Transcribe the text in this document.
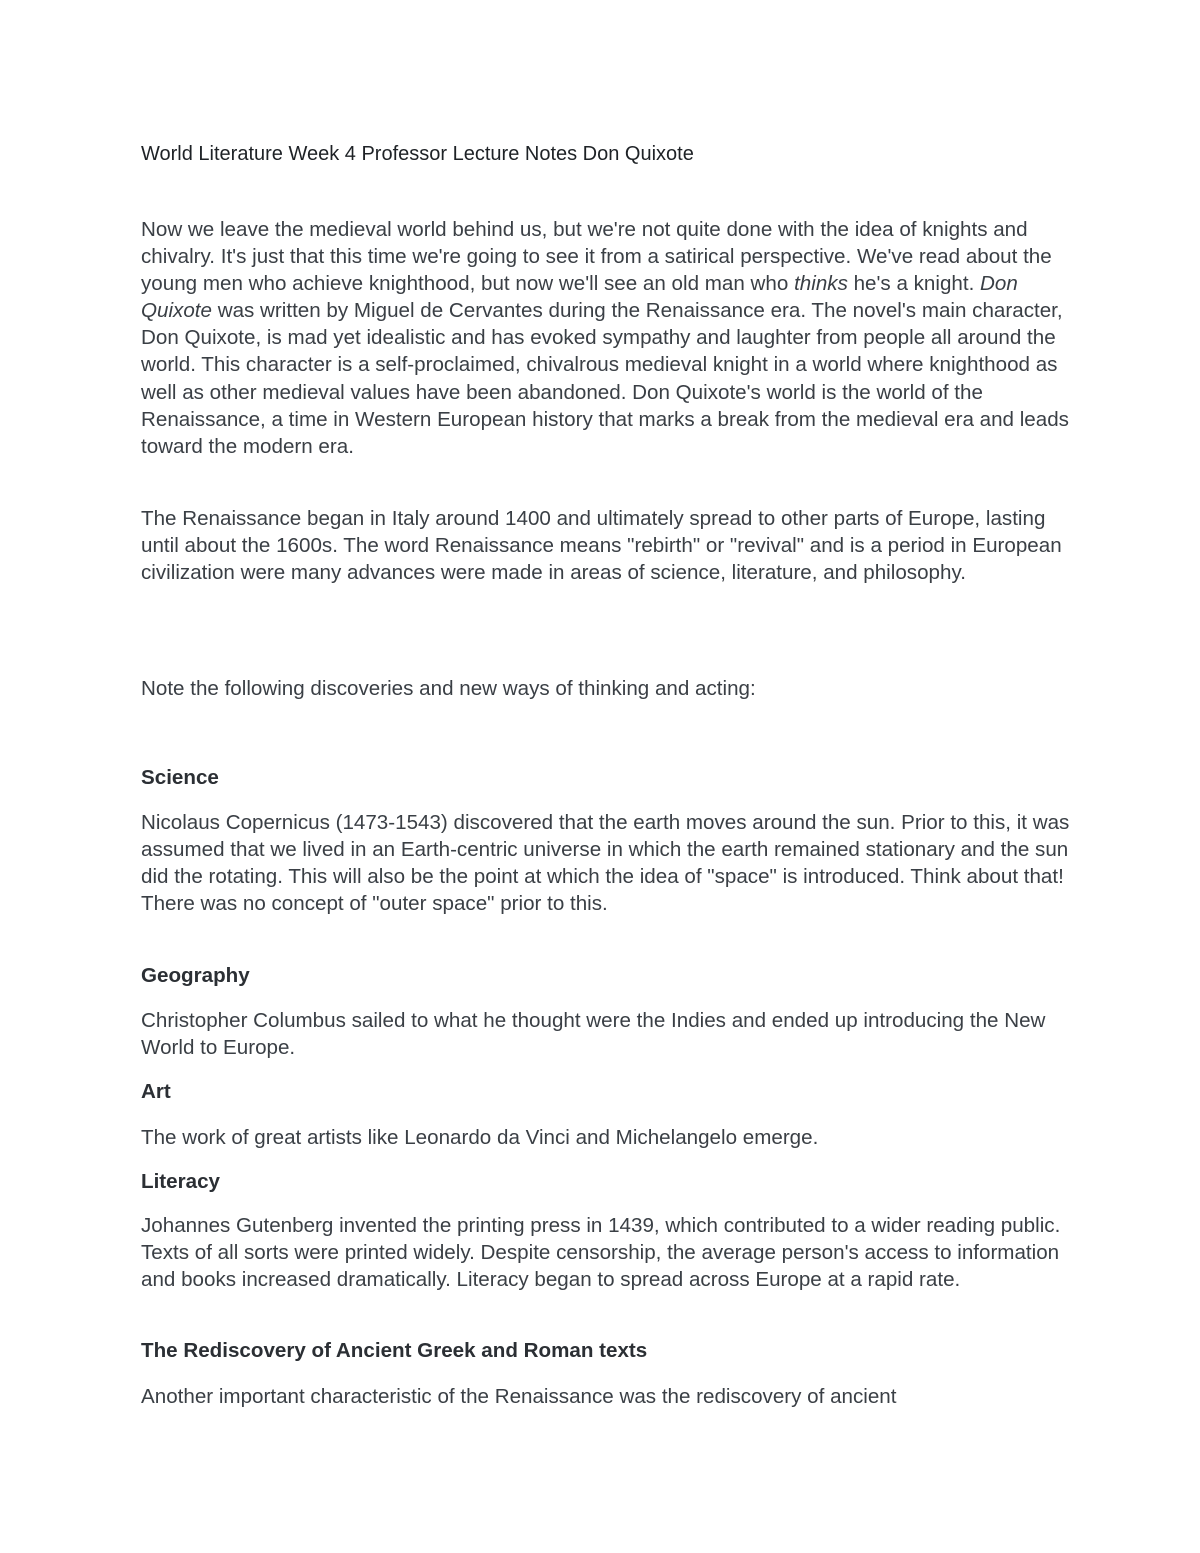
World Literature Week 4 Professor Lecture Notes Don Quixote

Now we leave the medieval world behind us, but we're not quite done with the idea of knights and chivalry. It's just that this time we're going to see it from a satirical perspective. We've read about the young men who achieve knighthood, but now we'll see an old man who thinks he's a knight. Don Quixote was written by Miguel de Cervantes during the Renaissance era. The novel's main character, Don Quixote, is mad yet idealistic and has evoked sympathy and laughter from people all around the world. This character is a self-proclaimed, chivalrous medieval knight in a world where knighthood as well as other medieval values have been abandoned. Don Quixote's world is the world of the Renaissance, a time in Western European history that marks a break from the medieval era and leads toward the modern era.

The Renaissance began in Italy around 1400 and ultimately spread to other parts of Europe, lasting until about the 1600s. The word Renaissance means "rebirth" or "revival" and is a period in European civilization were many advances were made in areas of science, literature, and philosophy.

Note the following discoveries and new ways of thinking and acting:

Science

Nicolaus Copernicus (1473-1543) discovered that the earth moves around the sun. Prior to this, it was assumed that we lived in an Earth-centric universe in which the earth remained stationary and the sun did the rotating. This will also be the point at which the idea of "space" is introduced. Think about that! There was no concept of "outer space" prior to this.

Geography

Christopher Columbus sailed to what he thought were the Indies and ended up introducing the New World to Europe.

Art

The work of great artists like Leonardo da Vinci and Michelangelo emerge.

Literacy

Johannes Gutenberg invented the printing press in 1439, which contributed to a wider reading public. Texts of all sorts were printed widely. Despite censorship, the average person's access to information and books increased dramatically. Literacy began to spread across Europe at a rapid rate.

The Rediscovery of Ancient Greek and Roman texts

Another important characteristic of the Renaissance was the rediscovery of ancient
